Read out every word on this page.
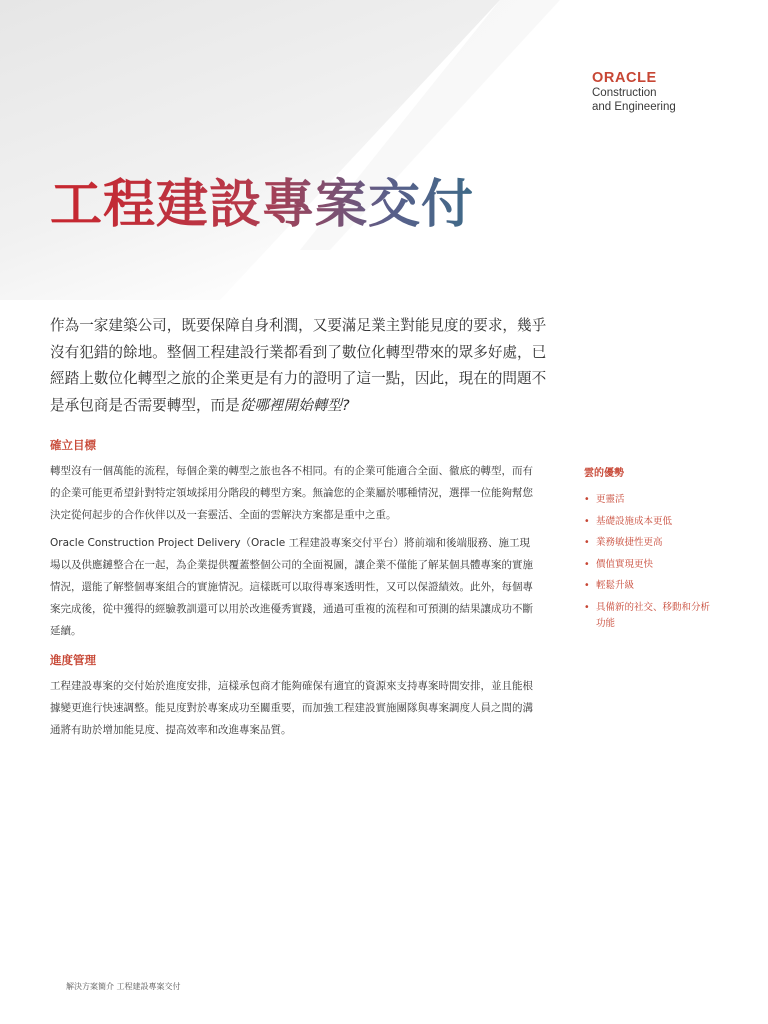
ORACLE
Construction
and Engineering
工程建設專案交付

作為一家建築公司，既要保障自身利潤，又要滿足業主對能見度的要求，幾乎沒有犯錯的餘地。整個工程建設行業都看到了數位化轉型帶來的眾多好處，已經踏上數位化轉型之旅的企業更是有力的證明了這一點，因此，現在的問題不是承包商是否需要轉型，而是從哪裡開始轉型?

確立目標

轉型沒有一個萬能的流程，每個企業的轉型之旅也各不相同。有的企業可能適合全面、徹底的轉型，而有的企業可能更希望針對特定領域採用分階段的轉型方案。無論您的企業屬於哪種情況，選擇一位能夠幫您決定從何起步的合作伙伴以及一套靈活、全面的雲解決方案都是重中之重。

Oracle Construction Project Delivery（Oracle 工程建設專案交付平台）將前端和後端服務、施工現場以及供應鏈整合在一起，為企業提供覆蓋整個公司的全面視圖，讓企業不僅能了解某個具體專案的實施情況，還能了解整個專案組合的實施情況。這樣既可以取得專案透明性，又可以保證績效。此外，每個專案完成後，從中獲得的經驗教訓還可以用於改進優秀實踐，通過可重複的流程和可預測的結果讓成功不斷延續。

進度管理

工程建設專案的交付始於進度安排，這樣承包商才能夠確保有適宜的資源來支持專案時間安排，並且能根據變更進行快速調整。能見度對於專案成功至關重要，而加強工程建設實施團隊與專案調度人員之間的溝通將有助於增加能見度、提高效率和改進專案品質。

雲的優勢
• 更靈活
• 基礎設施成本更低
• 業務敏捷性更高
• 價值實現更快
• 輕鬆升級
• 具備新的社交、移動和分析功能
解決方案簡介 工程建設專案交付
